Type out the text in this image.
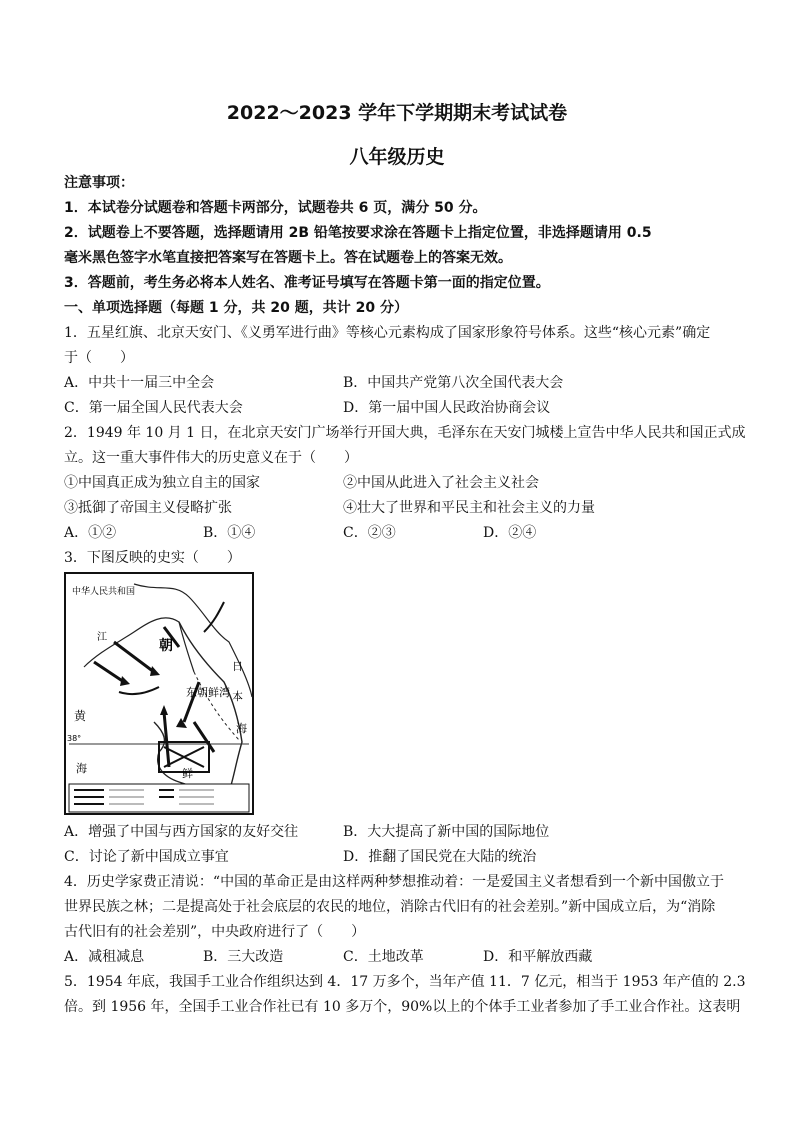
2022～2023 学年下学期期末考试试卷
八年级历史
注意事项：
1．本试卷分试题卷和答题卡两部分，试题卷共 6 页，满分 50 分。
2．试题卷上不要答题，选择题请用 2B 铅笔按要求涂在答题卡上指定位置，非选择题请用 0.5
毫米黑色签字水笔直接把答案写在答题卡上。答在试题卷上的答案无效。
3．答题前，考生务必将本人姓名、准考证号填写在答题卡第一面的指定位置。
一、单项选择题（每题 1 分，共 20 题，共计 20 分）
1．五星红旗、北京天安门、《义勇军进行曲》等核心元素构成了国家形象符号体系。这些“核心元素”确定
于（　　）
A．中共十一届三中全会	B．中国共产党第八次全国代表大会
C．第一届全国人民代表大会	D．第一届中国人民政治协商会议
2．1949 年 10 月 1 日，在北京天安门广场举行开国大典，毛泽东在天安门城楼上宣告中华人民共和国正式成
立。这一重大事件伟大的历史意义在于（　　）
①中国真正成为独立自主的国家	②中国从此进入了社会主义社会
③抵御了帝国主义侵略扩张	④壮大了世界和平民主和社会主义的力量
A．①②	B．①④	C．②③	D．②④
3．下图反映的史实（　　）
中华人民共和国
江
朝
鲜
东朝鲜湾
日
本
海
黄
海
38°
A．增强了中国与西方国家的友好交往	B．大大提高了新中国的国际地位
C．讨论了新中国成立事宜	D．推翻了国民党在大陆的统治
4．历史学家费正清说：“中国的革命正是由这样两种梦想推动着：一是爱国主义者想看到一个新中国傲立于
世界民族之林；二是提高处于社会底层的农民的地位，消除古代旧有的社会差别。”新中国成立后，为“消除
古代旧有的社会差别”，中央政府进行了（　　）
A．减租减息	B．三大改造	C．土地改革	D．和平解放西藏
5．1954 年底，我国手工业合作组织达到 4．17 万多个，当年产值 11．7 亿元，相当于 1953 年产值的 2.3
倍。到 1956 年，全国手工业合作社已有 10 多万个，90%以上的个体手工业者参加了手工业合作社。这表明
